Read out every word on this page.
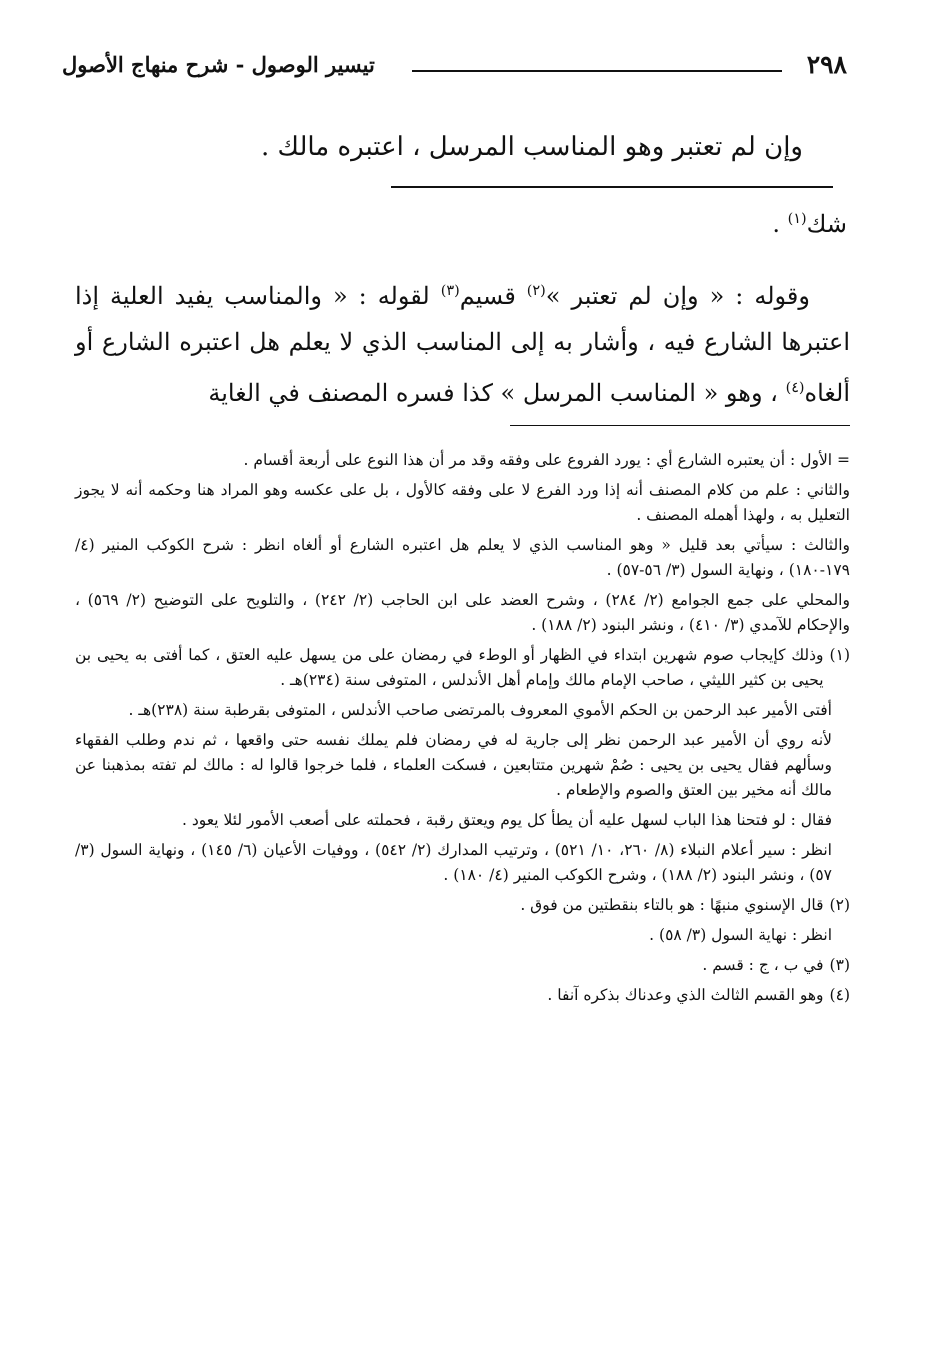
٢٩٨
تيسير الوصول - شرح منهاج الأصول
وإن لم تعتبر وهو المناسب المرسل ، اعتبره مالك .
شك$^{(١)}$ .
وقوله : « وإن لم تعتبر »$^{(٢)}$ قسيم$^{(٣)}$ لقوله : « والمناسب يفيد العلية إذا اعتبرها الشارع فيه ، وأشار به إلى المناسب الذي لا يعلم هل اعتبره الشارع أو ألغاه$^{(٤)}$ ، وهو « المناسب المرسل » كذا فسره المصنف في الغاية

= الأول : أن يعتبره الشارع أي : يورد الفروع على وفقه وقد مر أن هذا النوع على أربعة أقسام .

والثاني : علم من كلام المصنف أنه إذا ورد الفرع لا على وفقه كالأول ، بل على عكسه وهو المراد هنا وحكمه أنه لا يجوز التعليل به ، ولهذا أهمله المصنف .

والثالث : سيأتي بعد قليل « وهو المناسب الذي لا يعلم هل اعتبره الشارع أو ألغاه انظر : شرح الكوكب المنير (٤/ ١٧٩-١٨٠) ، ونهاية السول (٣/ ٥٦-٥٧) .

والمحلي على جمع الجوامع (٢/ ٢٨٤) ، وشرح العضد على ابن الحاجب (٢/ ٢٤٢) ، والتلويح على التوضيح (٢/ ٥٦٩) ، والإحكام للآمدي (٣/ ٤١٠) ، ونشر البنود (٢/ ١٨٨) .

(١)
وذلك كإيجاب صوم شهرين ابتداء في الظهار أو الوطء في رمضان على من يسهل عليه العتق ، كما أفتى به يحيى بن يحيى بن كثير الليثي ، صاحب الإمام مالك وإمام أهل الأندلس ، المتوفى سنة (٢٣٤)هـ .

أفتى الأمير عبد الرحمن بن الحكم الأموي المعروف بالمرتضى صاحب الأندلس ، المتوفى بقرطبة سنة (٢٣٨)هـ .

لأنه روي أن الأمير عبد الرحمن نظر إلى جارية له في رمضان فلم يملك نفسه حتى واقعها ، ثم ندم وطلب الفقهاء وسألهم فقال يحيى بن يحيى : صُمْ شهرين متتابعين ، فسكت العلماء ، فلما خرجوا قالوا له : مالك لم تفته بمذهبنا عن مالك أنه مخير بين العتق والصوم والإطعام .

فقال : لو فتحنا هذا الباب لسهل عليه أن يطأ كل يوم ويعتق رقبة ، فحملته على أصعب الأمور لئلا يعود .

انظر : سير أعلام النبلاء (٨/ ٢٦٠، ١٠/ ٥٢١) ، وترتيب المدارك (٢/ ٥٤٢) ، ووفيات الأعيان (٦/ ١٤٥) ، ونهاية السول (٣/ ٥٧) ، ونشر البنود (٢/ ١٨٨) ، وشرح الكوكب المنير (٤/ ١٨٠) .

(٢)
قال الإسنوي منبهًا : هو بالتاء بنقطتين من فوق .

انظر : نهاية السول (٣/ ٥٨) .

(٣)
في ب ، ج : قسم .

(٤)
وهو القسم الثالث الذي وعدناك بذكره آنفا .
